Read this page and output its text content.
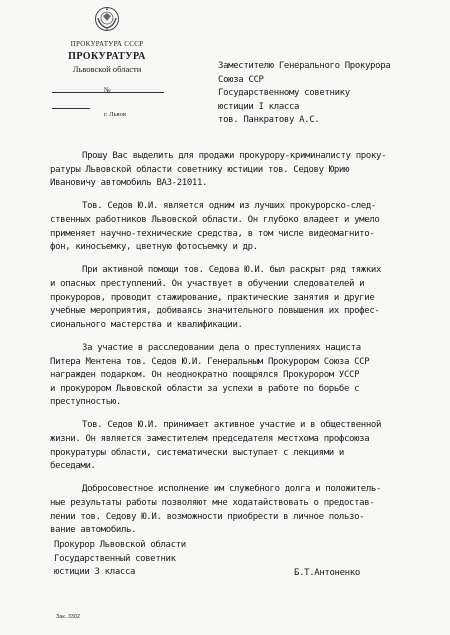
ПРОКУРАТУРА СССР
ПРОКУРАТУРА
Львовской области
№
г. Львов
Заместителю Генерального Прокурора
Союза ССР
Государственному советнику
юстиции I класса
тов. Панкратову А.С.
Прошу Вас выделить для продажи прокурору-криминалисту проку-
ратуры Львовской области советнику юстиции тов. Седову Юрию
Ивановичу автомобиль ВАЗ-21011.
Тов. Седов Ю.И. является одним из лучших прокурорско-след-
ственных работников Львовской области. Он глубоко владеет и умело
применяет научно-технические средства, в том числе видеомагнито-
фон, киносъемку, цветную фотосъемку и др.
При активной помощи тов. Седова Ю.И. был раскрыт ряд тяжких
и опасных преступлений. Он участвует в обучении следователей и
прокуроров, проводит стажирование, практические занятия и другие
учебные мероприятия, добиваясь значительного повышения их профес-
сионального мастерства и квалификации.
За участие в расследовании дела о преступлениях нациста
Питера Ментена тов. Седов Ю.И. Генеральным Прокурором Союза ССР
награжден подарком. Он неоднократно поощрялся Прокурором УССР
и прокурором Львовской области за успехи в работе по борьбе с
преступностью.
Тов. Седов Ю.И. принимает активное участие и в общественной
жизни. Он является заместителем председателя местхома профсоюза
прокуратуры области, систематически выступает с лекциями и
беседами.
Добросовестное исполнение им служебного долга и положитель-
ные результаты работы позволяют мне ходатайствовать о предостав-
лении тов. Седову Ю.И. возможности приобрести в личное пользо-
вание автомобиль.
Прокурор Львовской области
Государственный советник
юстиции 3 класса	Б.Т.Антоненко
Зак. 3302
